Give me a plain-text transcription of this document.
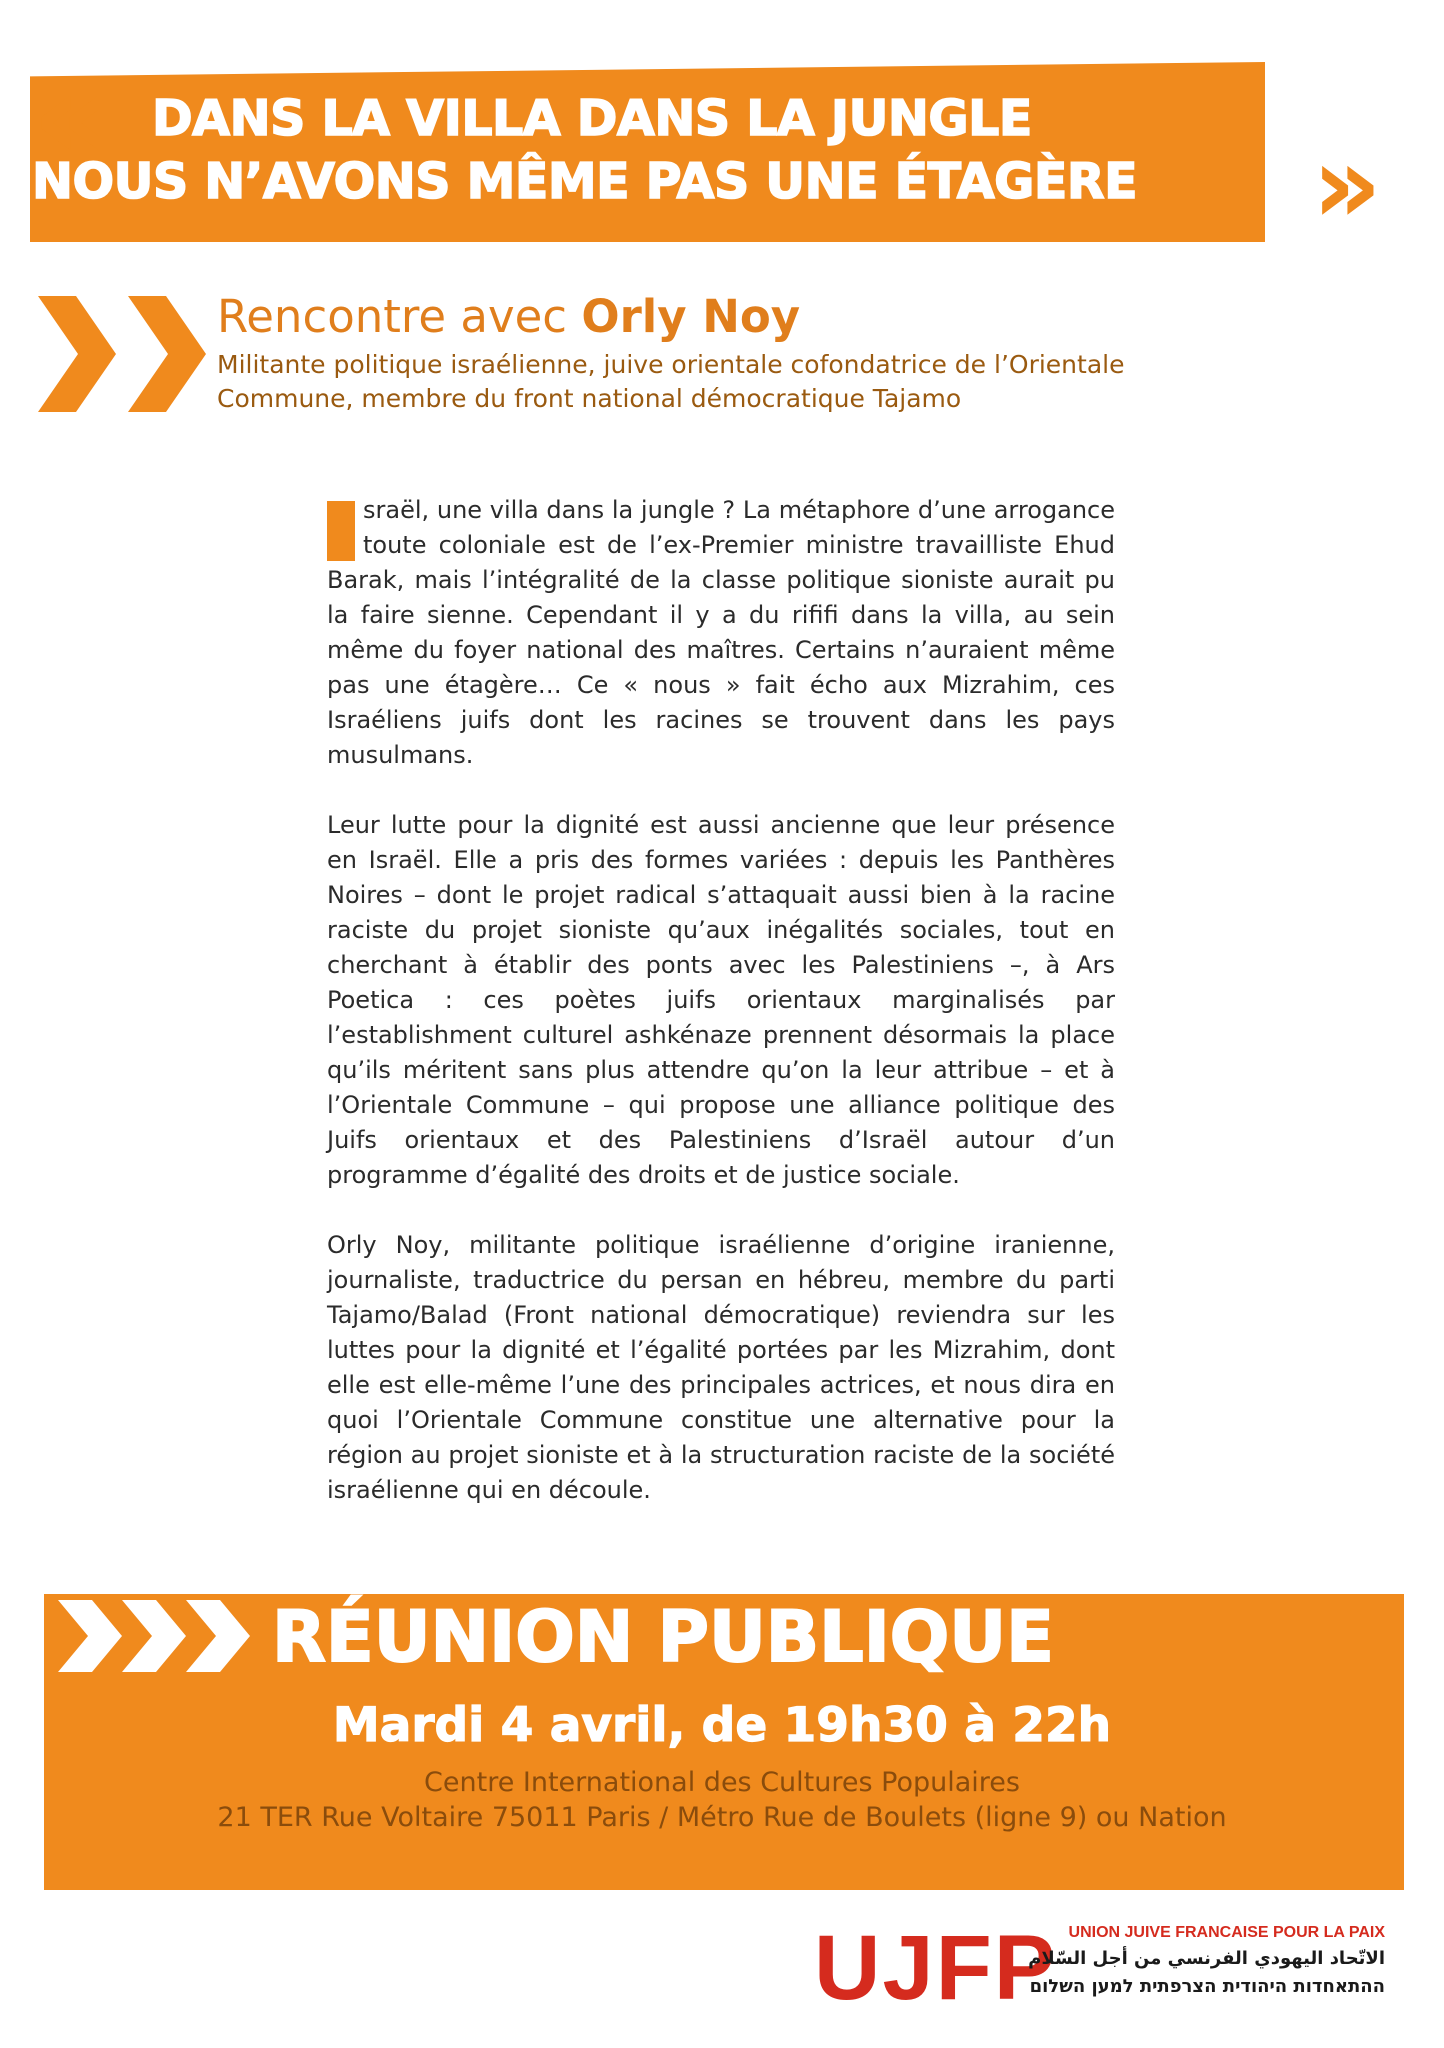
« DANS LA VILLA DANS LA JUNGLE
NOUS N’AVONS MÊME PAS UNE ÉTAGÈRE »
Rencontre avec Orly Noy
Militante politique israélienne, juive orientale cofondatrice de l’Orientale Commune, membre du front national démocratique Tajamo

I	sraël, une villa dans la jungle ? La métaphore d’une arrogance toute coloniale est de l’ex-Premier ministre travailliste Ehud Barak, mais l’intégralité de la classe politique sioniste aurait pu la faire sienne. Cependant il y a du rififi dans la villa, au sein même du foyer national des maîtres. Certains n’auraient même pas une étagère… Ce « nous » fait écho aux Mizrahim, ces Israéliens juifs dont les racines se trouvent dans les pays musulmans.

Leur lutte pour la dignité est aussi ancienne que leur présence en Israël. Elle a pris des formes variées : depuis les Panthères Noires – dont le projet radical s’attaquait aussi bien à la racine raciste du projet sioniste qu’aux inégalités sociales, tout en cherchant à établir des ponts avec les Palestiniens –, à Ars Poetica : ces poètes juifs orientaux marginalisés par l’establishment culturel ashkénaze prennent désormais la place qu’ils méritent sans plus attendre qu’on la leur attribue – et à l’Orientale Commune – qui propose une alliance politique des Juifs orientaux et des Palestiniens d’Israël autour d’un programme d’égalité des droits et de justice sociale.

Orly Noy, militante politique israélienne d’origine iranienne, journaliste, traductrice du persan en hébreu, membre du parti Tajamo/Balad (Front national démocratique) reviendra sur les luttes pour la dignité et l’égalité portées par les Mizrahim, dont elle est elle-même l’une des principales actrices, et nous dira en quoi l’Orientale Commune constitue une alternative pour la région au projet sioniste et à la structuration raciste de la société israélienne qui en découle.

RÉUNION PUBLIQUE
Mardi 4 avril, de 19h30 à 22h
Centre International des Cultures Populaires
21 TER Rue Voltaire 75011 Paris / Métro Rue de Boulets (ligne 9) ou Nation
UJFP UNION JUIVE FRANCAISE POUR LA PAIX
الاتّحاد اليهودي الفرنسي من أجل السّلام
ההתאחדות היהודית הצרפתית למען השלום
